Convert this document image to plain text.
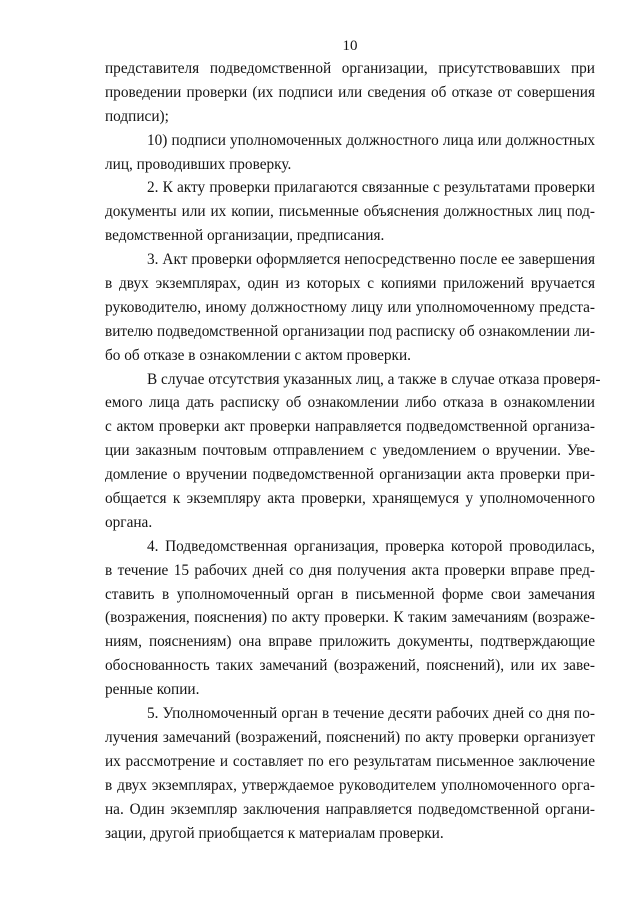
10
представителя подведомственной организации, присутствовавших при
проведении проверки (их подписи или сведения об отказе от совершения
подписи);
10) подписи уполномоченных должностного лица или должностных
лиц, проводивших проверку.
2. К акту проверки прилагаются связанные с результатами проверки
документы или их копии, письменные объяснения должностных лиц под-
ведомственной организации, предписания.
3. Акт проверки оформляется непосредственно после ее завершения
в двух экземплярах, один из которых с копиями приложений вручается
руководителю, иному должностному лицу или уполномоченному предста-
вителю подведомственной организации под расписку об ознакомлении ли-
бо об отказе в ознакомлении с актом проверки.
В случае отсутствия указанных лиц, а также в случае отказа проверя-
емого лица дать расписку об ознакомлении либо отказа в ознакомлении
с актом проверки акт проверки направляется подведомственной организа-
ции заказным почтовым отправлением с уведомлением о вручении. Уве-
домление о вручении подведомственной организации акта проверки при-
общается к экземпляру акта проверки, хранящемуся у уполномоченного
органа.
4. Подведомственная организация, проверка которой проводилась,
в течение 15 рабочих дней со дня получения акта проверки вправе пред-
ставить в уполномоченный орган в письменной форме свои замечания
(возражения, пояснения) по акту проверки. К таким замечаниям (возраже-
ниям, пояснениям) она вправе приложить документы, подтверждающие
обоснованность таких замечаний (возражений, пояснений), или их заве-
ренные копии.
5. Уполномоченный орган в течение десяти рабочих дней со дня по-
лучения замечаний (возражений, пояснений) по акту проверки организует
их рассмотрение и составляет по его результатам письменное заключение
в двух экземплярах, утверждаемое руководителем уполномоченного орга-
на. Один экземпляр заключения направляется подведомственной органи-
зации, другой приобщается к материалам проверки.
